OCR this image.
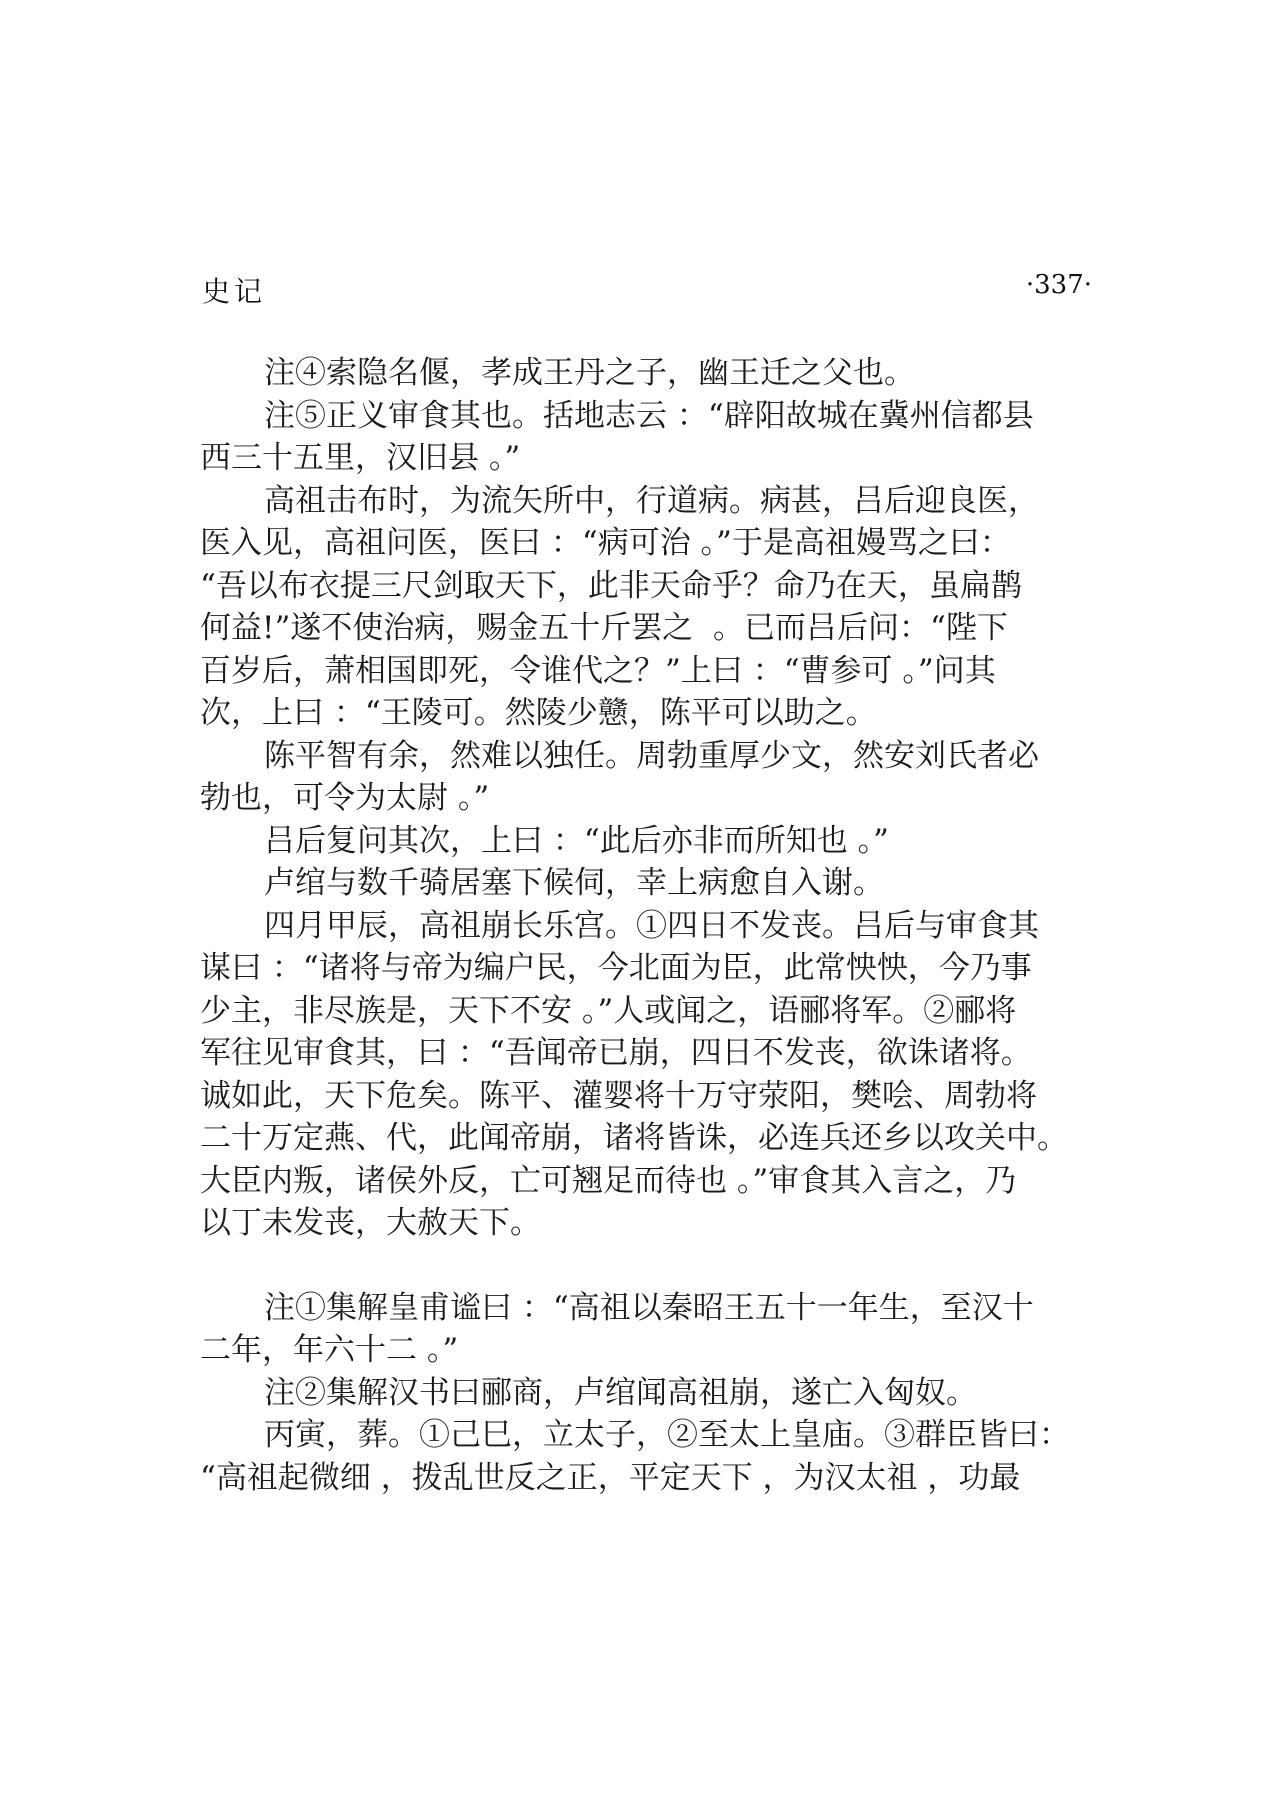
史记	·337·
注④索隐名偃，孝成王丹之子，幽王迁之父也。
注⑤正义审食其也。括地志云 ：“辟阳故城在冀州信都县
西三十五里，汉旧县 。”
高祖击布时，为流矢所中，行道病。病甚，吕后迎良医，
医入见，高祖问医，医曰 ：“病可治 。”于是高祖嫚骂之曰：
“吾以布衣提三尺剑取天下，此非天命乎？命乃在天，虽扁鹊
何益!”遂不使治病，赐金五十斤罢之  。已而吕后问：“陛下
百岁后，萧相国即死，令谁代之？”上曰 ：“曹参可 。”问其
次，上曰 ：“王陵可。然陵少戆，陈平可以助之。
陈平智有余，然难以独任。周勃重厚少文，然安刘氏者必
勃也，可令为太尉 。”
吕后复问其次，上曰 ：“此后亦非而所知也 。”
卢绾与数千骑居塞下候伺，幸上病愈自入谢。
四月甲辰，高祖崩长乐宫。①四日不发丧。吕后与审食其
谋曰 ：“诸将与帝为编户民，今北面为臣，此常怏怏，今乃事
少主，非尽族是，天下不安 。”人或闻之，语郦将军。②郦将
军往见审食其，曰 ：“吾闻帝已崩，四日不发丧，欲诛诸将。
诚如此，天下危矣。陈平、灌婴将十万守荥阳，樊哙、周勃将
二十万定燕、代，此闻帝崩，诸将皆诛，必连兵还乡以攻关中。
大臣内叛，诸侯外反，亡可翘足而待也 。”审食其入言之，乃
以丁未发丧，大赦天下。
注①集解皇甫谧曰 ：“高祖以秦昭王五十一年生，至汉十
二年，年六十二 。”
注②集解汉书曰郦商，卢绾闻高祖崩，遂亡入匈奴。
丙寅，葬。①己巳，立太子，②至太上皇庙。③群臣皆曰：
“高祖起微细 ，拨乱世反之正，平定天下 ，为汉太祖 ，功最
